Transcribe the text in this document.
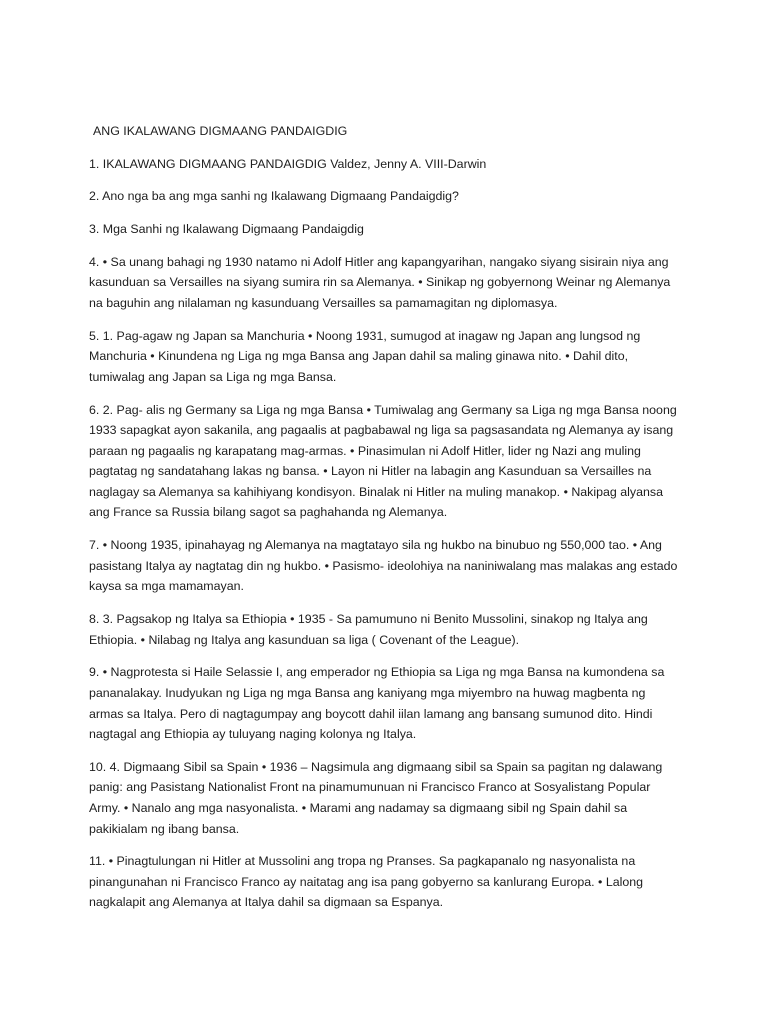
ANG IKALAWANG DIGMAANG PANDAIGDIG

1. IKALAWANG DIGMAANG PANDAIGDIG Valdez, Jenny A. VIII-Darwin

2. Ano nga ba ang mga sanhi ng Ikalawang Digmaang Pandaigdig?

3. Mga Sanhi ng Ikalawang Digmaang Pandaigdig

4. • Sa unang bahagi ng 1930 natamo ni Adolf Hitler ang kapangyarihan, nangako siyang sisirain niya ang kasunduan sa Versailles na siyang sumira rin sa Alemanya. • Sinikap ng gobyernong Weinar ng Alemanya na baguhin ang nilalaman ng kasunduang Versailles sa pamamagitan ng diplomasya.

5. 1. Pag-agaw ng Japan sa Manchuria • Noong 1931, sumugod at inagaw ng Japan ang lungsod ng Manchuria • Kinundena ng Liga ng mga Bansa ang Japan dahil sa maling ginawa nito. • Dahil dito, tumiwalag ang Japan sa Liga ng mga Bansa.

6. 2. Pag- alis ng Germany sa Liga ng mga Bansa • Tumiwalag ang Germany sa Liga ng mga Bansa noong 1933 sapagkat ayon sakanila, ang pagaalis at pagbabawal ng liga sa pagsasandata ng Alemanya ay isang paraan ng pagaalis ng karapatang mag-armas. • Pinasimulan ni Adolf Hitler, lider ng Nazi ang muling pagtatag ng sandatahang lakas ng bansa. • Layon ni Hitler na labagin ang Kasunduan sa Versailles na naglagay sa Alemanya sa kahihiyang kondisyon. Binalak ni Hitler na muling manakop. • Nakipag alyansa ang France sa Russia bilang sagot sa paghahanda ng Alemanya.

7. • Noong 1935, ipinahayag ng Alemanya na magtatayo sila ng hukbo na binubuo ng 550,000 tao. • Ang pasistang Italya ay nagtatag din ng hukbo. • Pasismo- ideolohiya na naniniwalang mas malakas ang estado kaysa sa mga mamamayan.

8. 3. Pagsakop ng Italya sa Ethiopia • 1935 - Sa pamumuno ni Benito Mussolini, sinakop ng Italya ang Ethiopia. • Nilabag ng Italya ang kasunduan sa liga ( Covenant of the League).

9. • Nagprotesta si Haile Selassie I, ang emperador ng Ethiopia sa Liga ng mga Bansa na kumondena sa pananalakay. Inudyukan ng Liga ng mga Bansa ang kaniyang mga miyembro na huwag magbenta ng armas sa Italya. Pero di nagtagumpay ang boycott dahil iilan lamang ang bansang sumunod dito. Hindi nagtagal ang Ethiopia ay tuluyang naging kolonya ng Italya.

10. 4. Digmaang Sibil sa Spain • 1936 – Nagsimula ang digmaang sibil sa Spain sa pagitan ng dalawang panig: ang Pasistang Nationalist Front na pinamumunuan ni Francisco Franco at Sosyalistang Popular Army. • Nanalo ang mga nasyonalista. • Marami ang nadamay sa digmaang sibil ng Spain dahil sa pakikialam ng ibang bansa.

11. • Pinagtulungan ni Hitler at Mussolini ang tropa ng Pranses. Sa pagkapanalo ng nasyonalista na pinangunahan ni Francisco Franco ay naitatag ang isa pang gobyerno sa kanlurang Europa. • Lalong nagkalapit ang Alemanya at Italya dahil sa digmaan sa Espanya.
